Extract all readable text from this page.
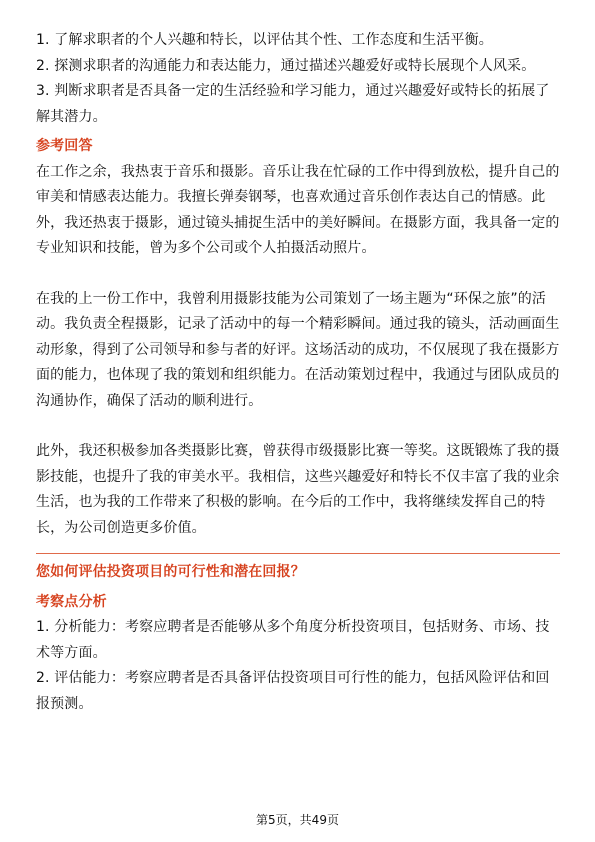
1. 了解求职者的个人兴趣和特长，以评估其个性、工作态度和生活平衡。

2. 探测求职者的沟通能力和表达能力，通过描述兴趣爱好或特长展现个人风采。

3. 判断求职者是否具备一定的生活经验和学习能力，通过兴趣爱好或特长的拓展了解其潜力。

参考回答

在工作之余，我热衷于音乐和摄影。音乐让我在忙碌的工作中得到放松，提升自己的审美和情感表达能力。我擅长弹奏钢琴，也喜欢通过音乐创作表达自己的情感。此外，我还热衷于摄影，通过镜头捕捉生活中的美好瞬间。在摄影方面，我具备一定的专业知识和技能，曾为多个公司或个人拍摄活动照片。

在我的上一份工作中，我曾利用摄影技能为公司策划了一场主题为“环保之旅”的活动。我负责全程摄影，记录了活动中的每一个精彩瞬间。通过我的镜头，活动画面生动形象，得到了公司领导和参与者的好评。这场活动的成功，不仅展现了我在摄影方面的能力，也体现了我的策划和组织能力。在活动策划过程中，我通过与团队成员的沟通协作，确保了活动的顺利进行。

此外，我还积极参加各类摄影比赛，曾获得市级摄影比赛一等奖。这既锻炼了我的摄影技能，也提升了我的审美水平。我相信，这些兴趣爱好和特长不仅丰富了我的业余生活，也为我的工作带来了积极的影响。在今后的工作中，我将继续发挥自己的特长，为公司创造更多价值。

您如何评估投资项目的可行性和潜在回报？

考察点分析

1. 分析能力：考察应聘者是否能够从多个角度分析投资项目，包括财务、市场、技术等方面。

2. 评估能力：考察应聘者是否具备评估投资项目可行性的能力，包括风险评估和回报预测。

第5页，共49页
